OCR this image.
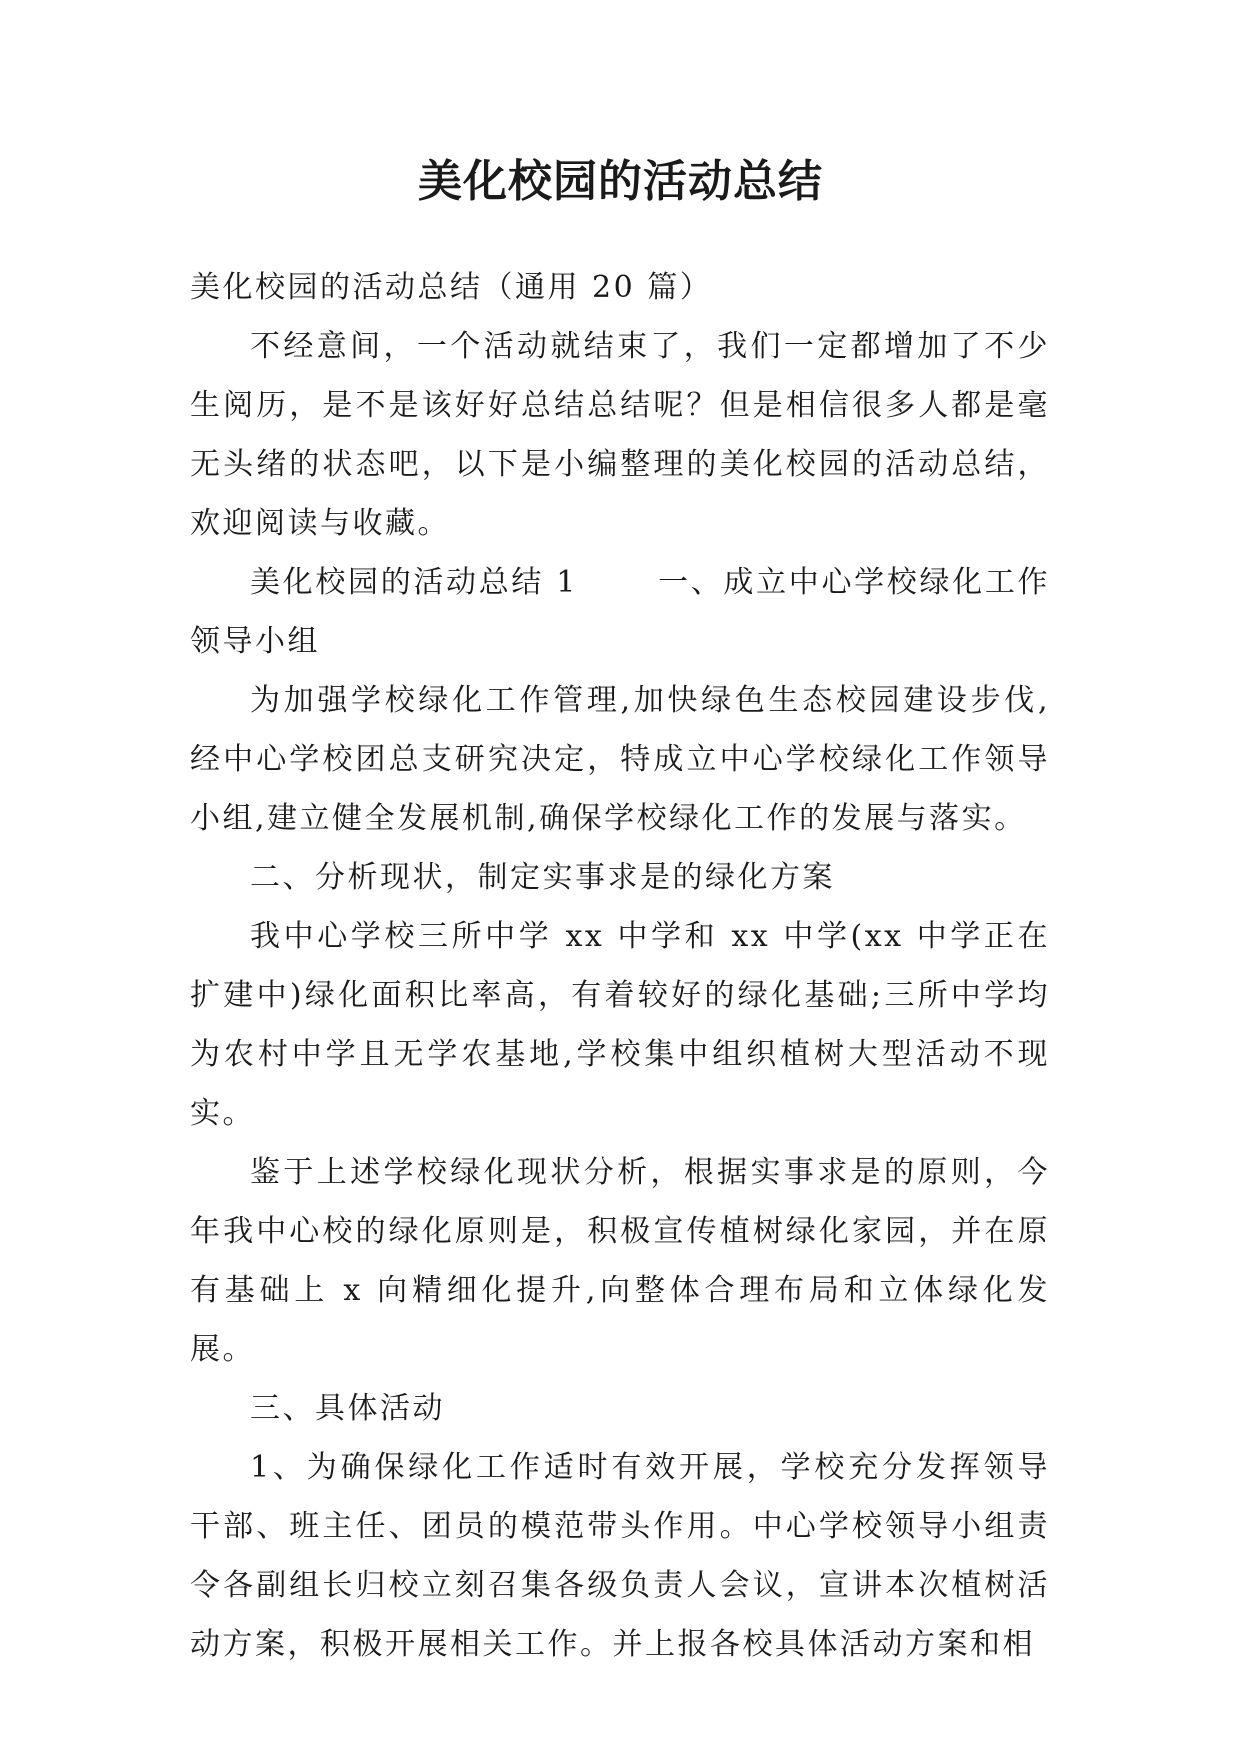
美化校园的活动总结

美化校园的活动总结（通用 20 篇）

不经意间，一个活动就结束了，我们一定都增加了不少生阅历，是不是该好好总结总结呢？但是相信很多人都是毫无头绪的状态吧，以下是小编整理的美化校园的活动总结，欢迎阅读与收藏。

美化校园的活动总结 1	一、成立中心学校绿化工作领导小组

为加强学校绿化工作管理,加快绿色生态校园建设步伐,经中心学校团总支研究决定，特成立中心学校绿化工作领导小组,建立健全发展机制,确保学校绿化工作的发展与落实。

二、分析现状，制定实事求是的绿化方案

我中心学校三所中学 xx 中学和 xx 中学(xx 中学正在扩建中)绿化面积比率高，有着较好的绿化基础;三所中学均为农村中学且无学农基地,学校集中组织植树大型活动不现实。

鉴于上述学校绿化现状分析，根据实事求是的原则，今年我中心校的绿化原则是，积极宣传植树绿化家园，并在原有基础上 x 向精细化提升,向整体合理布局和立体绿化发展。

三、具体活动

1、为确保绿化工作适时有效开展，学校充分发挥领导干部、班主任、团员的模范带头作用。中心学校领导小组责令各副组长归校立刻召集各级负责人会议，宣讲本次植树活动方案，积极开展相关工作。并上报各校具体活动方案和相
